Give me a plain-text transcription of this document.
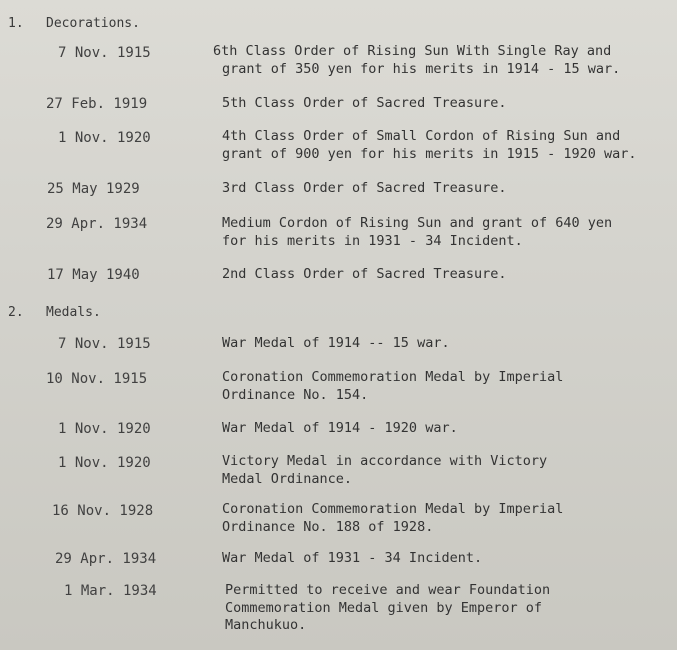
1. Decorations.
7 Nov. 1915	6th Class Order of Rising Sun With Single Ray and
grant of 350 yen for his merits in 1914 - 15 war.
27 Feb. 1919	5th Class Order of Sacred Treasure.
1 Nov. 1920	4th Class Order of Small Cordon of Rising Sun and
grant of 900 yen for his merits in 1915 - 1920 war.
25 May 1929	3rd Class Order of Sacred Treasure.
29 Apr. 1934	Medium Cordon of Rising Sun and grant of 640 yen
for his merits in 1931 - 34 Incident.
17 May 1940	2nd Class Order of Sacred Treasure.
2. Medals.
7 Nov. 1915	War Medal of 1914 -- 15 war.
10 Nov. 1915	Coronation Commemoration Medal by Imperial
Ordinance No. 154.
1 Nov. 1920	War Medal of 1914 - 1920 war.
1 Nov. 1920	Victory Medal in accordance with Victory
Medal Ordinance.
16 Nov. 1928	Coronation Commemoration Medal by Imperial
Ordinance No. 188 of 1928.
29 Apr. 1934	War Medal of 1931 - 34 Incident.
1 Mar. 1934	Permitted to receive and wear Foundation
Commemoration Medal given by Emperor of
Manchukuo.
